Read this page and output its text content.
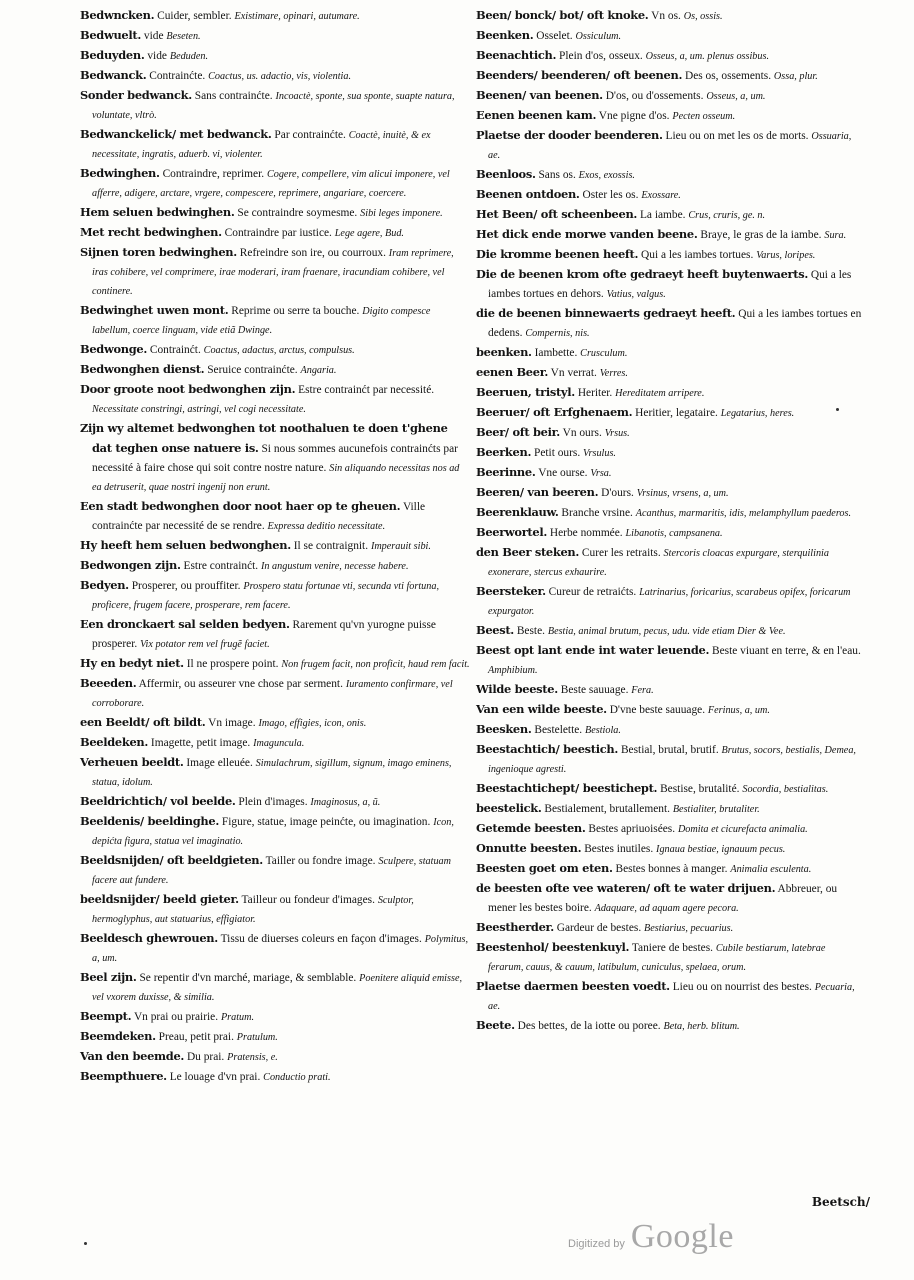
Bedwncken. Cuider, sembler. Existimare, opinari, autumare.

Bedwuelt. vide Beseten.

Beduyden. vide Beduden.

Bedwanck. Contrainćte. Coactus, us. adactio, vis, violentia.

Sonder bedwanck. Sans contrainćte. Incoactè, sponte, sua sponte, suapte natura, voluntate, vltrò.

Bedwanckelick/ met bedwanck. Par contrainćte. Coactè, inuitè, & ex necessitate, ingratis, aduerb. vi, violenter.

Bedwinghen. Contraindre, reprimer. Cogere, compellere, vim alicui imponere, vel afferre, adigere, arctare, vrgere, compescere, reprimere, angariare, coercere.

Hem seluen bedwinghen. Se contraindre soymesme. Sibi leges imponere.

Met recht bedwinghen. Contraindre par iustice. Lege agere, Bud.

Sijnen toren bedwinghen. Refreindre son ire, ou courroux. Iram reprimere, iras cohibere, vel comprimere, irae moderari, iram fraenare, iracundiam cohibere, vel continere.

Bedwinghet uwen mont. Reprime ou serre ta bouche. Digito compesce labellum, coerce linguam, vide etiã Dwinge.

Bedwonge. Contrainćt. Coactus, adactus, arctus, compulsus.

Bedwonghen dienst. Seruice contrainćte. Angaria.

Door groote noot bedwonghen zijn. Estre contrainćt par necessité. Necessitate constringi, astringi, vel cogi necessitate.

Zijn wy altemet bedwonghen tot noothaluen te doen t'ghene dat teghen onse natuere is. Si nous sommes aucunefois contrainćts par necessité à faire chose qui soit contre nostre nature. Sin aliquando necessitas nos ad ea detruserit, quae nostri ingenij non erunt.

Een stadt bedwonghen door noot haer op te gheuen. Ville contrainćte par necessité de se rendre. Expressa deditio necessitate.

Hy heeft hem seluen bedwonghen. Il se contraignit. Imperauit sibi.

Bedwongen zijn. Estre contrainćt. In angustum venire, necesse habere.

Bedyen. Prosperer, ou prouffiter. Prospero statu fortunae vti, secunda vti fortuna, proficere, frugem facere, prosperare, rem facere.

Een dronckaert sal selden bedyen. Rarement qu'vn yurogne puisse prosperer. Vix potator rem vel frugẽ faciet.

Hy en bedyt niet. Il ne prospere point. Non frugem facit, non proficit, haud rem facit.

Beeeden. Affermir, ou asseurer vne chose par serment. Iuramento confirmare, vel corroborare.

een Beeldt/ oft bildt. Vn image. Imago, effigies, icon, onis.

Beeldeken. Imagette, petit image. Imaguncula.

Verheuen beeldt. Image elleuée. Simulachrum, sigillum, signum, imago eminens, statua, idolum.

Beeldrichtich/ vol beelde. Plein d'images. Imaginosus, a, ũ.

Beeldenis/ beeldinghe. Figure, statue, image peinćte, ou imagination. Icon, depićta figura, statua vel imaginatio.

Beeldsnijden/ oft beeldgieten. Tailler ou fondre image. Sculpere, statuam facere aut fundere.

beeldsnijder/ beeld gieter. Tailleur ou fondeur d'images. Sculptor, hermoglyphus, aut statuarius, effigiator.

Beeldesch ghewrouen. Tissu de diuerses coleurs en façon d'images. Polymitus, a, um.

Beel zijn. Se repentir d'vn marché, mariage, & semblable. Poenitere aliquid emisse, vel vxorem duxisse, & similia.

Beempt. Vn prai ou prairie. Pratum.

Beemdeken. Preau, petit prai. Pratulum.

Van den beemde. Du prai. Pratensis, e.

Beempthuere. Le louage d'vn prai. Conductio prati.

Been/ bonck/ bot/ oft knoke. Vn os. Os, ossis.

Beenken. Osselet. Ossiculum.

Beenachtich. Plein d'os, osseux. Osseus, a, um. plenus ossibus.

Beenders/ beenderen/ oft beenen. Des os, ossements. Ossa, plur.

Beenen/ van beenen. D'os, ou d'ossements. Osseus, a, um.

Eenen beenen kam. Vne pigne d'os. Pecten osseum.

Plaetse der dooder beenderen. Lieu ou on met les os de morts. Ossuaria, ae.

Beenloos. Sans os. Exos, exossis.

Beenen ontdoen. Oster les os. Exossare.

Het Been/ oft scheenbeen. La iambe. Crus, cruris, ge. n.

Het dick ende morwe vanden beene. Braye, le gras de la iambe. Sura.

Die kromme beenen heeft. Qui a les iambes tortues. Varus, loripes.

Die de beenen krom ofte gedraeyt heeft buytenwaerts. Qui a les iambes tortues en dehors. Vatius, valgus.

die de beenen binnewaerts gedraeyt heeft. Qui a les iambes tortues en dedens. Compernis, nis.

beenken. Iambette. Crusculum.

eenen Beer. Vn verrat. Verres.

Beeruen, tristyl. Heriter. Hereditatem arripere.

Beeruer/ oft Erfghenaem. Heritier, legataire. Legatarius, heres.

Beer/ oft beir. Vn ours. Vrsus.

Beerken. Petit ours. Vrsulus.

Beerinne. Vne ourse. Vrsa.

Beeren/ van beeren. D'ours. Vrsinus, vrsens, a, um.

Beerenklauw. Branche vrsine. Acanthus, marmaritis, idis, melamphyllum paederos.

Beerwortel. Herbe nommée. Libanotis, campsanena.

den Beer steken. Curer les retraits. Stercoris cloacas expurgare, sterquilinia exonerare, stercus exhaurire.

Beersteker. Cureur de retraićts. Latrinarius, foricarius, scarabeus opifex, foricarum expurgator.

Beest. Beste. Bestia, animal brutum, pecus, udu. vide etiam Dier & Vee.

Beest opt lant ende int water leuende. Beste viuant en terre, & en l'eau. Amphibium.

Wilde beeste. Beste sauuage. Fera.

Van een wilde beeste. D'vne beste sauuage. Ferinus, a, um.

Beesken. Bestelette. Bestiola.

Beestachtich/ beestich. Bestial, brutal, brutif. Brutus, socors, bestialis, Demea, ingenioque agresti.

Beestachtichept/ beestichept. Bestise, brutalité. Socordia, bestialitas.

beestelick. Bestialement, brutallement. Bestialiter, brutaliter.

Getemde beesten. Bestes apriuoisées. Domita et cicurefacta animalia.

Onnutte beesten. Bestes inutiles. Ignaua bestiae, ignauum pecus.

Beesten goet om eten. Bestes bonnes à manger. Animalia esculenta.

de beesten ofte vee wateren/ oft te water drijuen. Abbreuer, ou mener les bestes boire. Adaquare, ad aquam agere pecora.

Beestherder. Gardeur de bestes. Bestiarius, pecuarius.

Beestenhol/ beestenkuyl. Taniere de bestes. Cubile bestiarum, latebrae ferarum, cauus, & cauum, latibulum, cuniculus, spelaea, orum.

Plaetse daermen beesten voedt. Lieu ou on nourrist des bestes. Pecuaria, ae.

Beete. Des bettes, de la iotte ou poree. Beta, herb. blitum.

Beetsch/
Digitized by Google
